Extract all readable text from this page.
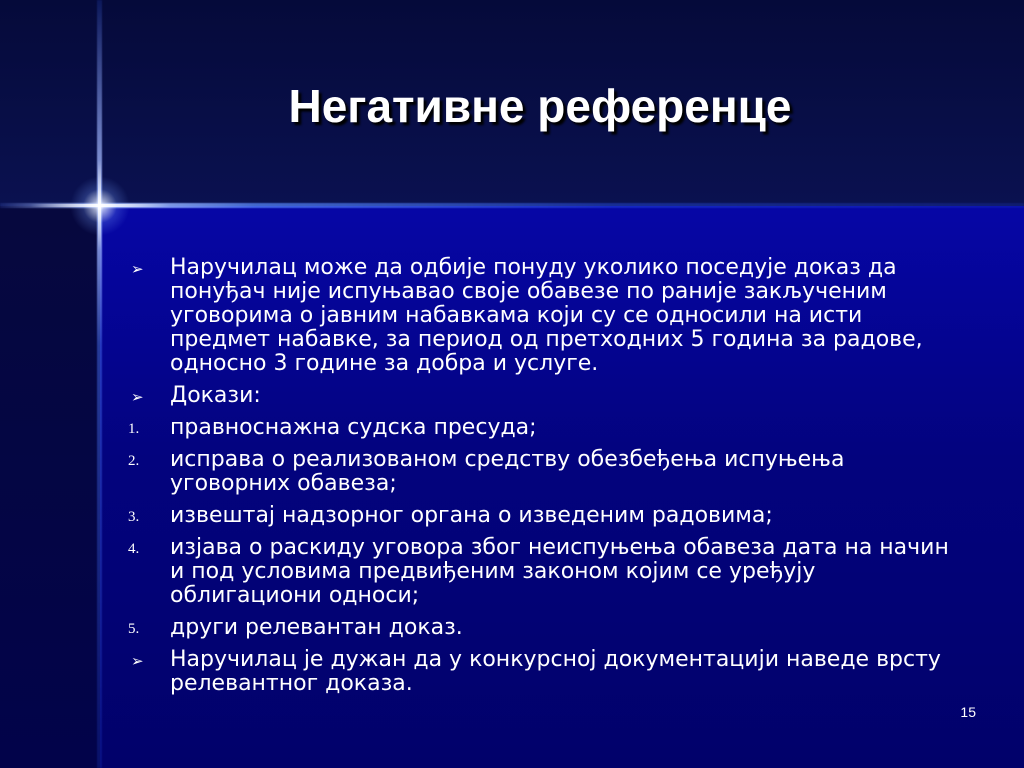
Негативне референце
➢ Наручилац може да одбије понуду уколико поседује доказ да понуђач није испуњавао своје обавезе по раније закљученим уговорима о јавним набавкама који су се односили на исти предмет набавке, за период од претходних 5 година за радове, односно 3 године за добра и услуге.
➢ Докази:
1. правноснажна судска пресуда;
2. исправа о реализованом средству обезбеђења испуњења уговорних обавеза;
3. извештај надзорног органа о изведеним радовима;
4. изјава о раскиду уговора због неиспуњења обавеза дата на начин и под условима предвиђеним законом којим се уређују облигациони односи;
5. други релевантан доказ.
➢ Наручилац је дужан да у конкурсној документацији наведе врсту релевантног доказа.
15
